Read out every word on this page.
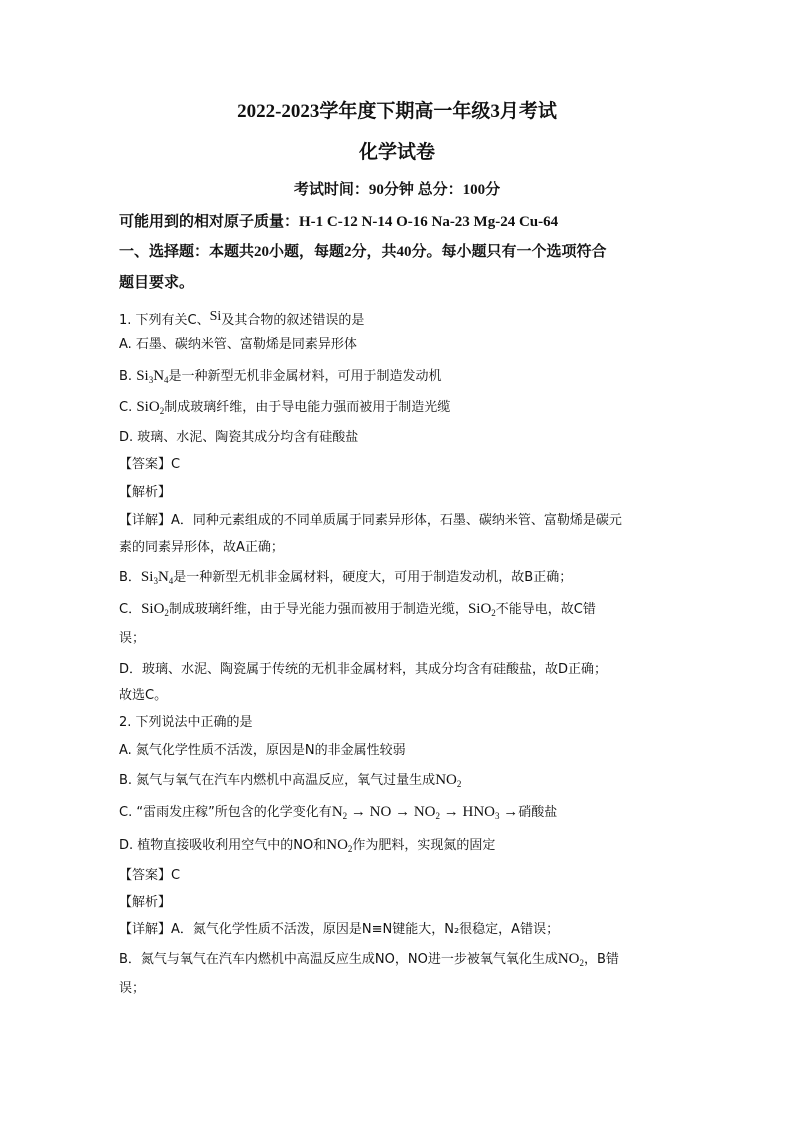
2022-2023学年度下期高一年级3月考试
化学试卷
考试时间：90分钟 总分：100分
可能用到的相对原子质量：H-1 C-12 N-14 O-16 Na-23 Mg-24 Cu-64
一、选择题：本题共20小题，每题2分，共40分。每小题只有一个选项符合
题目要求。
1. 下列有关C、Si及其合物的叙述错误的是
A. 石墨、碳纳米管、富勒烯是同素异形体
B. $Si_3N_4$是一种新型无机非金属材料，可用于制造发动机
C. SiO$_2$制成玻璃纤维，由于导电能力强而被用于制造光缆
D. 玻璃、水泥、陶瓷其成分均含有硅酸盐
【答案】C
【解析】
【详解】A．同种元素组成的不同单质属于同素异形体，石墨、碳纳米管、富勒烯是碳元
素的同素异形体，故A正确；
B．$Si_3N_4$是一种新型无机非金属材料，硬度大，可用于制造发动机，故B正确；
C．SiO$_2$制成玻璃纤维，由于导光能力强而被用于制造光缆，SiO$_2$不能导电，故C错
误；
D．玻璃、水泥、陶瓷属于传统的无机非金属材料，其成分均含有硅酸盐，故D正确；
故选C。
2. 下列说法中正确的是
A. 氮气化学性质不活泼，原因是N的非金属性较弱
B. 氮气与氧气在汽车内燃机中高温反应，氧气过量生成$NO_2$
C. “雷雨发庄稼”所包含的化学变化有$N_2$ → NO → $NO_2 \to HNO_3$ →硝酸盐
D. 植物直接吸收利用空气中的NO和$NO_2$作为肥料，实现氮的固定
【答案】C
【解析】
【详解】A．氮气化学性质不活泼，原因是N≡N键能大，N₂很稳定，A错误；
B．氮气与氧气在汽车内燃机中高温反应生成NO，NO进一步被氧气氧化生成$NO_2$，B错
误；
